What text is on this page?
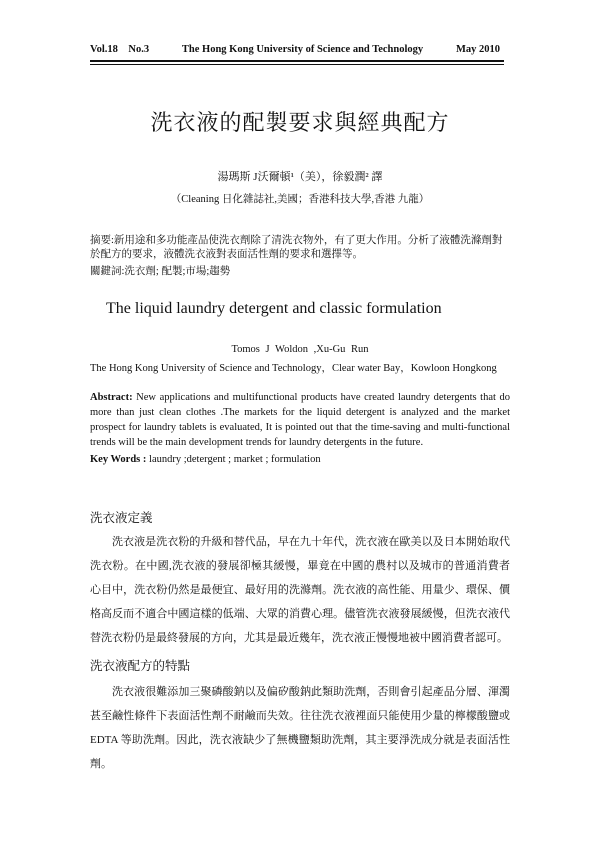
Vol.18 No.3	The Hong Kong University of Science and Technology	May 2010
洗衣液的配製要求與經典配方
湯瑪斯 J沃爾頓¹（美），徐毅潤² 譯
（Cleaning 日化雜誌社,美國；香港科技大學,香港 九龍）
摘要:新用途和多功能產品使洗衣劑除了清洗衣物外，有了更大作用。分析了液體洗滌劑對於配方的要求，液體洗衣液對表面活性劑的要求和選擇等。
關鍵詞:洗衣劑; 配製;市場;趨勢
The liquid laundry detergent and classic formulation
Tomos J Woldon ,Xu-Gu Run
The Hong Kong University of Science and Technology，Clear water Bay，Kowloon Hongkong
Abstract: New applications and multifunctional products have created laundry detergents that do more than just clean clothes .The markets for the liquid detergent is analyzed and the market prospect for laundry tablets is evaluated, It is pointed out that the time-saving and multi-functional trends will be the main development trends for laundry detergents in the future.
Key Words : laundry ;detergent ; market ; formulation
洗衣液定義
洗衣液是洗衣粉的升級和替代品，早在九十年代，洗衣液在歐美以及日本開始取代洗衣粉。在中國,洗衣液的發展卻極其緩慢，畢竟在中國的農村以及城市的普通消費者心目中，洗衣粉仍然是最便宜、最好用的洗滌劑。洗衣液的高性能、用量少、環保、價格高反而不適合中國這樣的低端、大眾的消費心理。儘管洗衣液發展緩慢，但洗衣液代替洗衣粉仍是最終發展的方向，尤其是最近幾年，洗衣液正慢慢地被中國消費者認可。
洗衣液配方的特點
洗衣液很難添加三聚磷酸鈉以及偏矽酸鈉此類助洗劑，否則會引起產品分層、渾濁甚至鹼性條件下表面活性劑不耐鹼而失效。往往洗衣液裡面只能使用少量的檸檬酸鹽或 EDTA 等助洗劑。因此，洗衣液缺少了無機鹽類助洗劑，其主要淨洗成分就是表面活性劑。
